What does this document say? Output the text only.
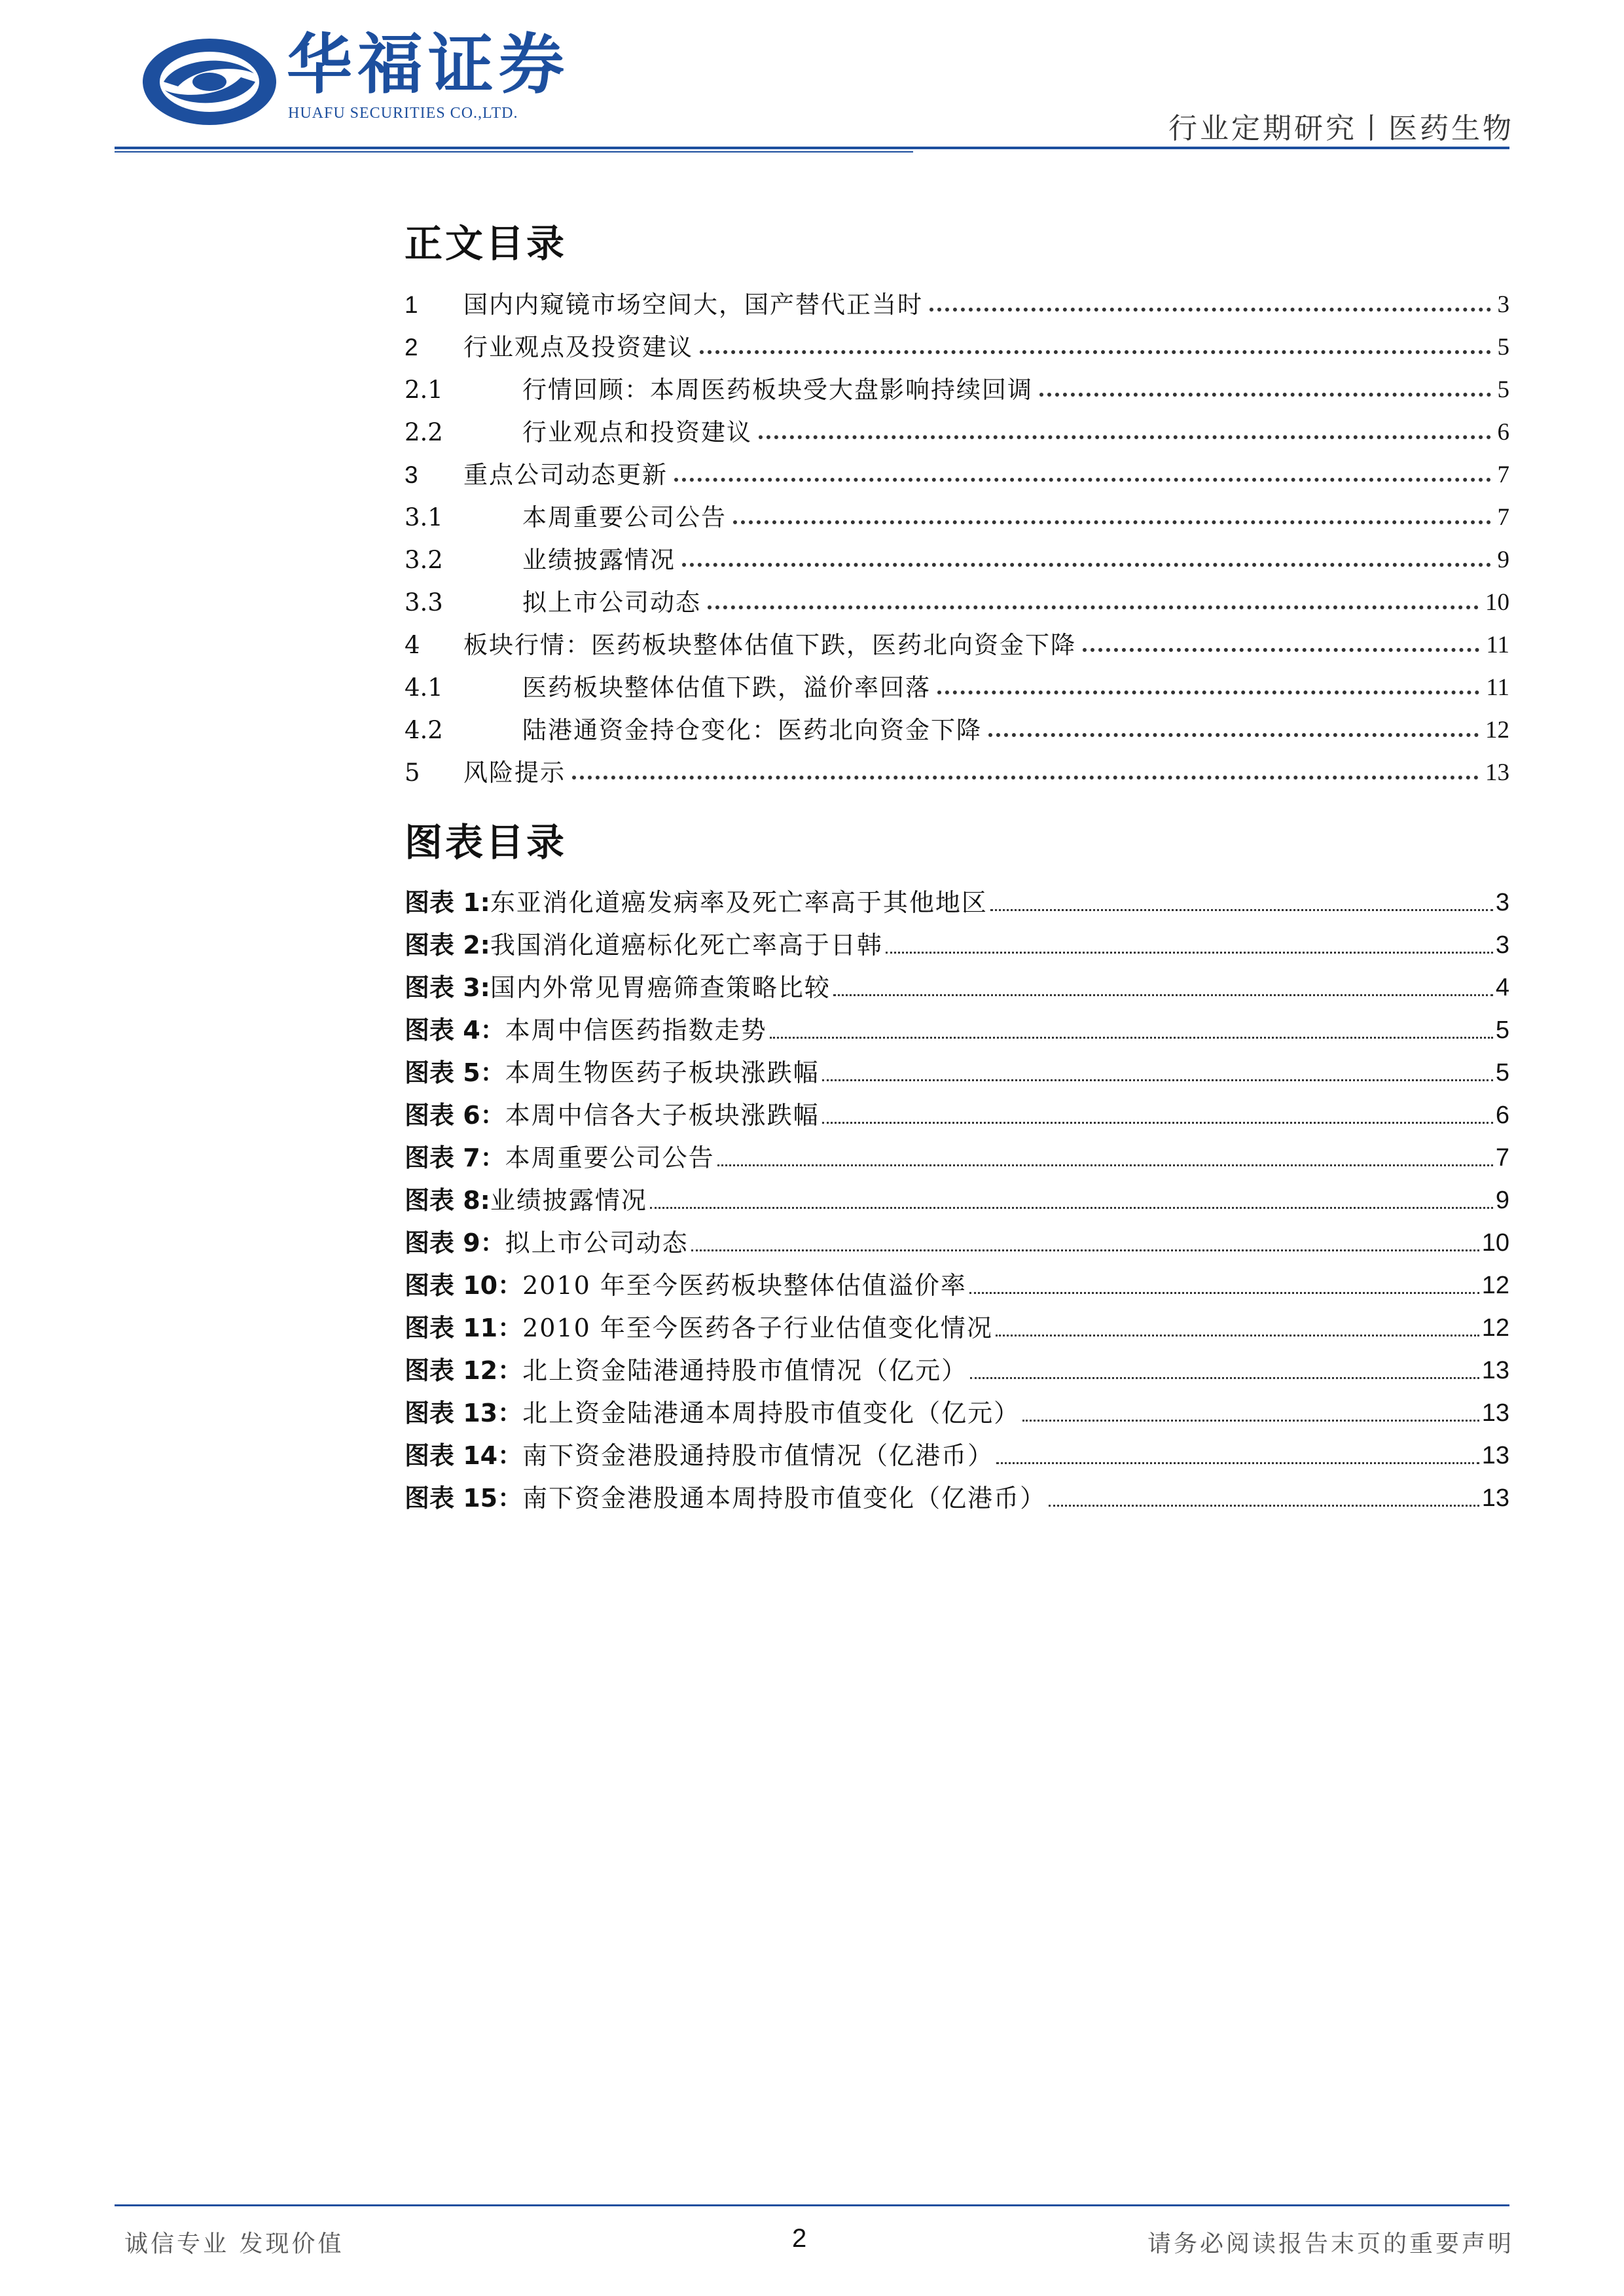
华福证券
HUAFU SECURITIES CO.,LTD.	行业定期研究丨医药生物
正文目录
1	国内内窥镜市场空间大，国产替代正当时	3
2	行业观点及投资建议	5
2.1	行情回顾：本周医药板块受大盘影响持续回调	5
2.2	行业观点和投资建议	6
3	重点公司动态更新	7
3.1	本周重要公司公告	7
3.2	业绩披露情况	9
3.3	拟上市公司动态	10
4	板块行情：医药板块整体估值下跌，医药北向资金下降	11
4.1	医药板块整体估值下跌，溢价率回落	11
4.2	陆港通资金持仓变化：医药北向资金下降	12
5	风险提示	13
图表目录
图表 1: 东亚消化道癌发病率及死亡率高于其他地区	3
图表 2: 我国消化道癌标化死亡率高于日韩	3
图表 3: 国内外常见胃癌筛查策略比较	4
图表 4： 本周中信医药指数走势	5
图表 5： 本周生物医药子板块涨跌幅	5
图表 6： 本周中信各大子板块涨跌幅	6
图表 7： 本周重要公司公告	7
图表 8: 业绩披露情况	9
图表 9： 拟上市公司动态	10
图表 10： 2010 年至今医药板块整体估值溢价率	12
图表 11： 2010 年至今医药各子行业估值变化情况	12
图表 12： 北上资金陆港通持股市值情况（亿元）	13
图表 13： 北上资金陆港通本周持股市值变化（亿元）	13
图表 14： 南下资金港股通持股市值情况（亿港币）	13
图表 15： 南下资金港股通本周持股市值变化（亿港币）	13
诚信专业 发现价值	2	请务必阅读报告末页的重要声明
